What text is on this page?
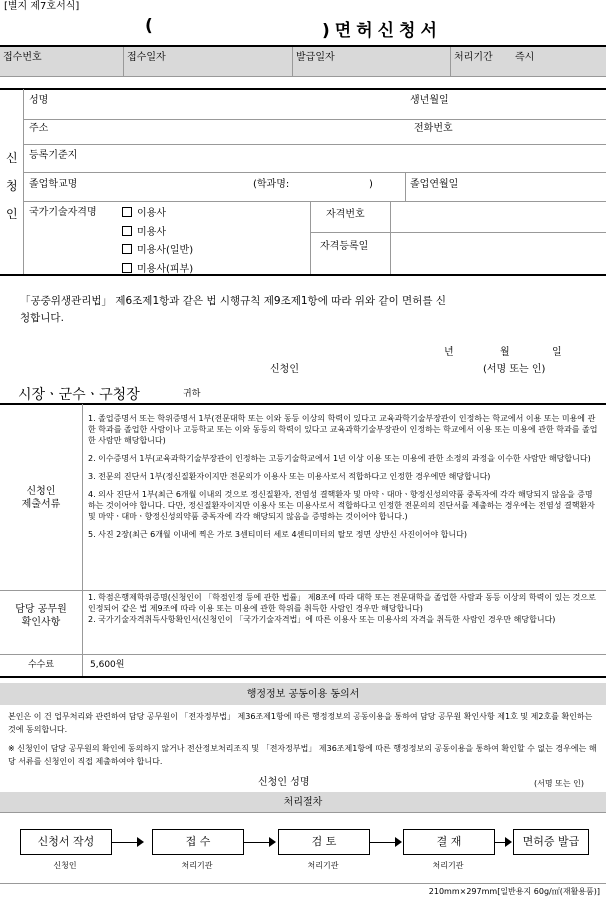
[별지 제7호서식]
(	)면허신청서
접수번호	접수일자	발급일자	처리기간 즉시
신
청
인
성명	생년월일
주소	전화번호
등록기준지
졸업학교명	(학과명:	)	졸업연월일
국가기술자격명	이용사
미용사
미용사(일반)
미용사(피부)
자격번호
자격등록일
「공중위생관리법」 제6조제1항과 같은 법 시행규칙 제9조제1항에 따라 위와 같이 면허를 신
청합니다.
년	월	일
신청인	(서명 또는 인)
시장ㆍ군수ㆍ구청장	귀하
신청인
제출서류
1. 졸업증명서 또는 학위증명서 1부(전문대학 또는 이와 동등 이상의 학력이 있다고 교육과학기술부장관이 인정하는 학교에서 이용 또는 미용에 관한 학과를 졸업한 사람이나 고등학교 또는 이와 동등의 학력이 있다고 교육과학기술부장관이 인정하는 학교에서 이용 또는 미용에 관한 학과를 졸업한 사람만 해당합니다)
2. 이수증명서 1부(교육과학기술부장관이 인정하는 고등기술학교에서 1년 이상 이용 또는 미용에 관한 소정의 과정을 이수한 사람만 해당합니다)
3. 전문의 진단서 1부(정신질환자이지만 전문의가 이용사 또는 미용사로서 적합하다고 인정한 경우에만 해당합니다)
4. 의사 진단서 1부(최근 6개월 이내의 것으로 정신질환자, 전염성 결핵환자 및 마약ㆍ대마ㆍ향정신성의약품 중독자에 각각 해당되지 않음을 증명하는 것이어야 합니다. 다만, 정신질환자이지만 이용사 또는 미용사로서 적합하다고 인정한 전문의의 진단서를 제출하는 경우에는 전염성 결핵환자 및 마약ㆍ대마ㆍ향정신성의약품 중독자에 각각 해당되지 않음을 증명하는 것이어야 합니다.)
5. 사진 2장(최근 6개월 이내에 찍은 가로 3센티미터 세로 4센티미터의 탈모 정면 상반신 사진이어야 합니다)
담당 공무원
확인사항
1. 학점은행제학위증명(신청인이 「학점인정 등에 관한 법률」 제8조에 따라 대학 또는 전문대학을 졸업한 사람과 동등 이상의 학력이 있는 것으로 인정되어 같은 법 제9조에 따라 이용 또는 미용에 관한 학위를 취득한 사람인 경우만 해당합니다)
2. 국가기술자격취득사항확인서(신청인이 「국가기술자격법」에 따른 이용사 또는 미용사의 자격을 취득한 사람인 경우만 해당합니다)
수수료	5,600원
행정정보 공동이용 동의서
본인은 이 건 업무처리와 관련하여 담당 공무원이 「전자정부법」 제36조제1항에 따른 행정정보의 공동이용을 통하여 담당 공무원 확인사항 제1호 및 제2호를 확인하는 것에 동의합니다.
※ 신청인이 담당 공무원의 확인에 동의하지 않거나 전산정보처리조직 및 「전자정부법」 제36조제1항에 따른 행정정보의 공동이용을 통하여 확인할 수 없는 경우에는 해당 서류를 신청인이 직접 제출하여야 합니다.
신청인 성명	(서명 또는 인)
처리절차
신청서 작성	접 수	검 토	결 재	면허증 발급
신청인	처리기관	처리기관	처리기관
210mm×297mm[일반용지 60g/㎡(재활용품)]
